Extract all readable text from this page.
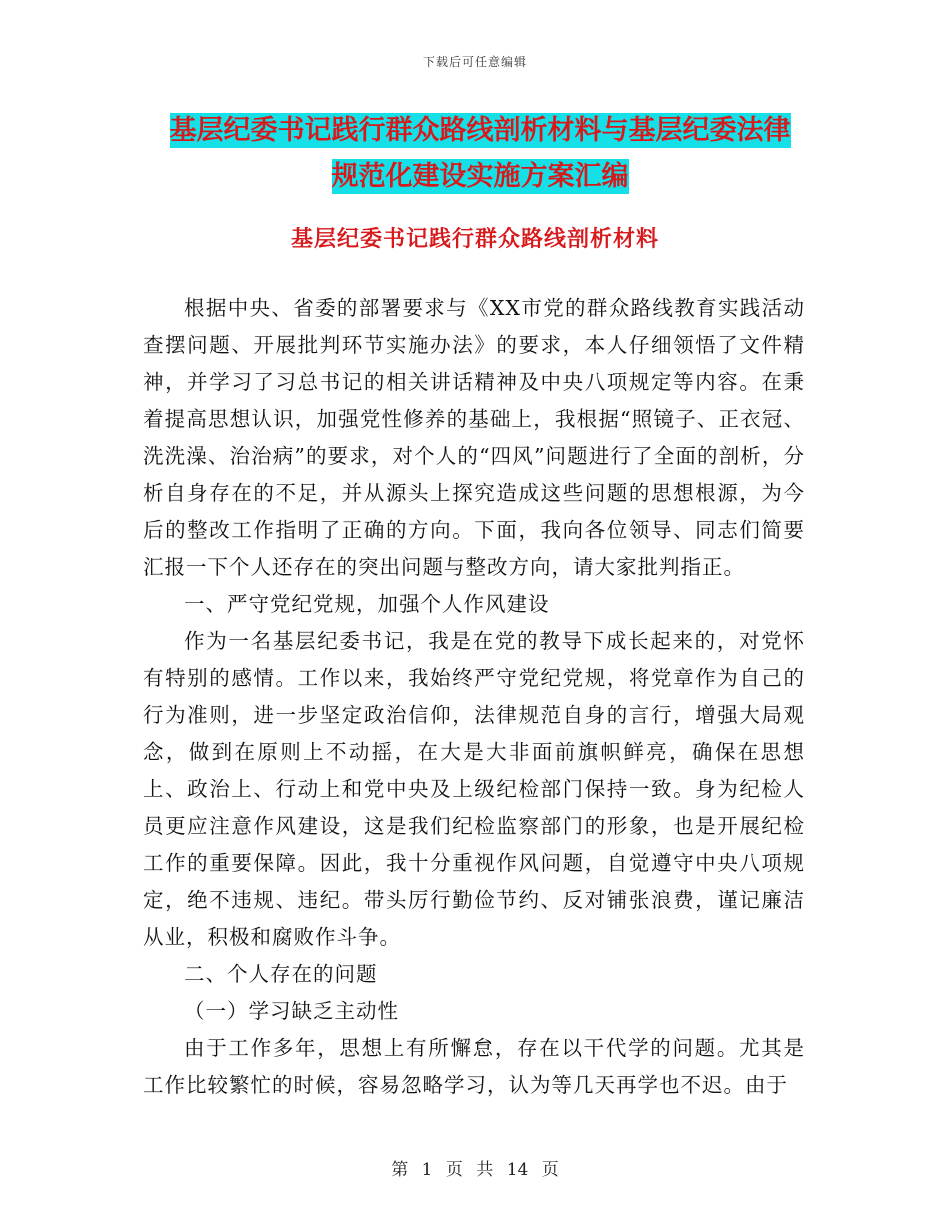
下载后可任意编辑
基层纪委书记践行群众路线剖析材料与基层纪委法律
规范化建设实施方案汇编
基层纪委书记践行群众路线剖析材料

根据中央、省委的部署要求与《XX市党的群众路线教育实践活动查摆问题、开展批判环节实施办法》的要求，本人仔细领悟了文件精神，并学习了习总书记的相关讲话精神及中央八项规定等内容。在秉着提高思想认识，加强党性修养的基础上，我根据“照镜子、正衣冠、洗洗澡、治治病”的要求，对个人的“四风”问题进行了全面的剖析，分析自身存在的不足，并从源头上探究造成这些问题的思想根源，为今后的整改工作指明了正确的方向。下面，我向各位领导、同志们简要汇报一下个人还存在的突出问题与整改方向，请大家批判指正。

一、严守党纪党规，加强个人作风建设

作为一名基层纪委书记，我是在党的教导下成长起来的，对党怀有特别的感情。工作以来，我始终严守党纪党规，将党章作为自己的行为准则，进一步坚定政治信仰，法律规范自身的言行，增强大局观念，做到在原则上不动摇，在大是大非面前旗帜鲜亮，确保在思想上、政治上、行动上和党中央及上级纪检部门保持一致。身为纪检人员更应注意作风建设，这是我们纪检监察部门的形象，也是开展纪检工作的重要保障。因此，我十分重视作风问题，自觉遵守中央八项规定，绝不违规、违纪。带头厉行勤俭节约、反对铺张浪费，谨记廉洁从业，积极和腐败作斗争。

二、个人存在的问题

（一）学习缺乏主动性

由于工作多年，思想上有所懈怠，存在以干代学的问题。尤其是工作比较繁忙的时候，容易忽略学习，认为等几天再学也不迟。由于

第 1 页 共 14 页
